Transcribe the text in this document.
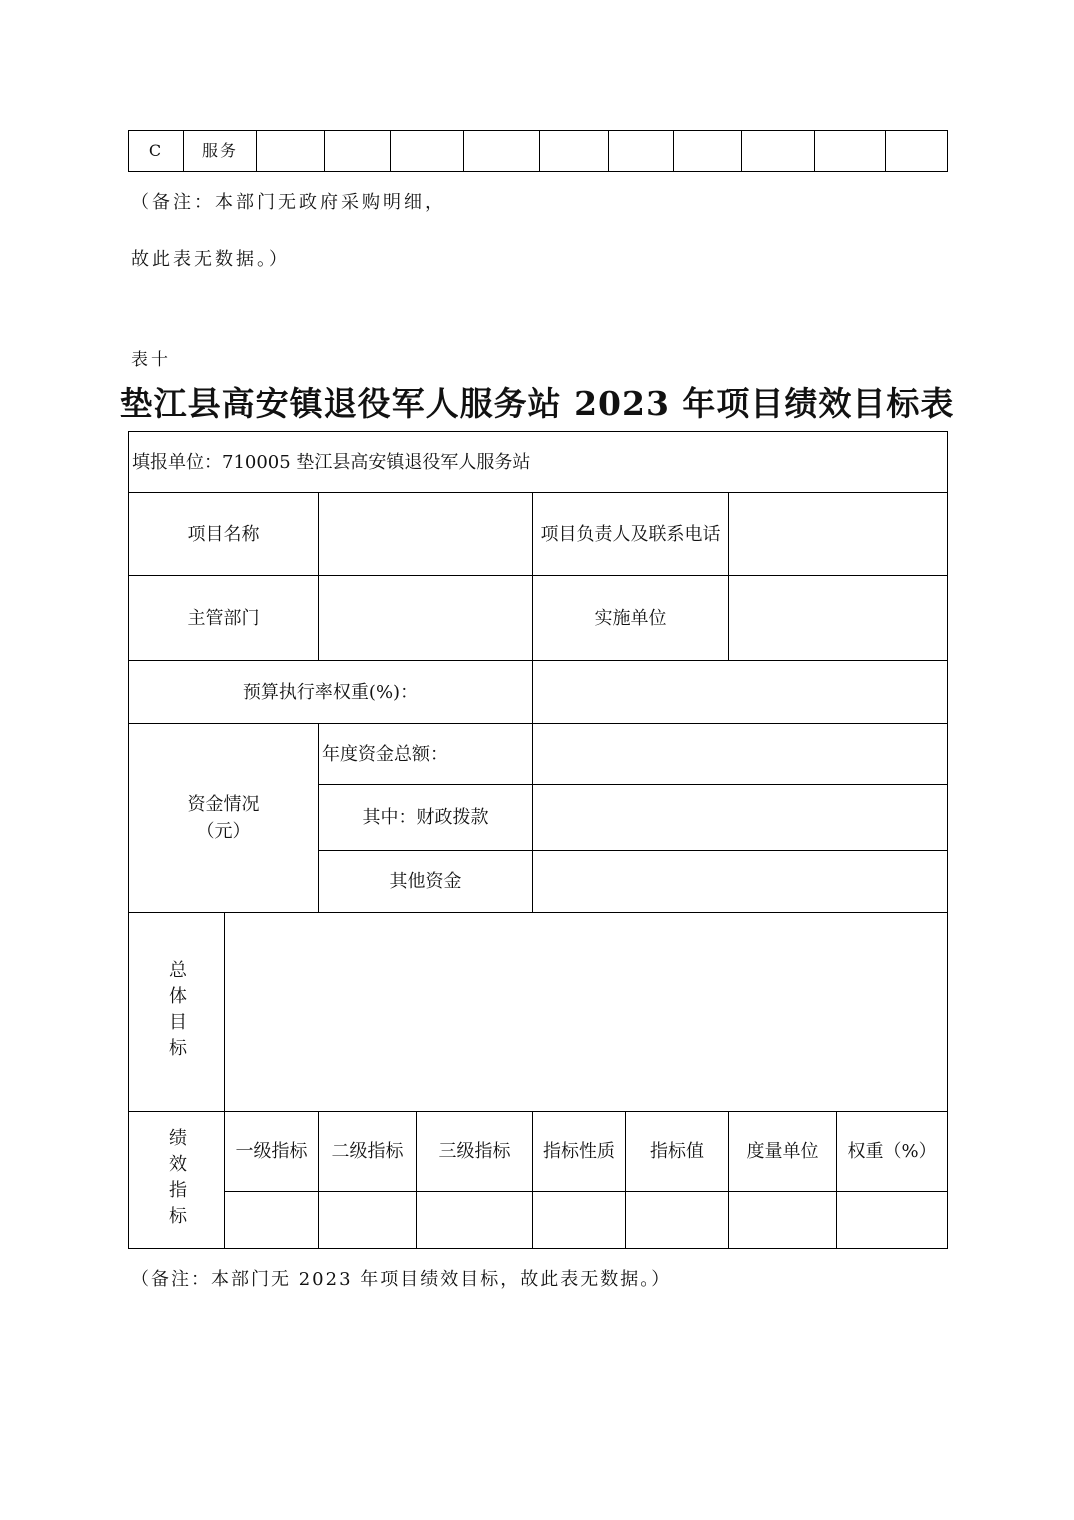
C	服务										
（备注：本部门无政府采购明细，
故此表无数据。）
表十
垫江县高安镇退役军人服务站 2023 年项目绩效目标表
填报单位：710005 垫江县高安镇退役军人服务站							
项目名称				项目负责人及联系电话			
主管部门				实施单位			
预算执行率权重(%)：							
资金情况（元）		年度资金总额：					
		其中：财政拨款					
		其他资金					

总体目标							

绩效指标	一级指标	二级指标	三级指标	指标性质	指标值	度量单位	权重（%）

（备注：本部门无 2023 年项目绩效目标，故此表无数据。）
